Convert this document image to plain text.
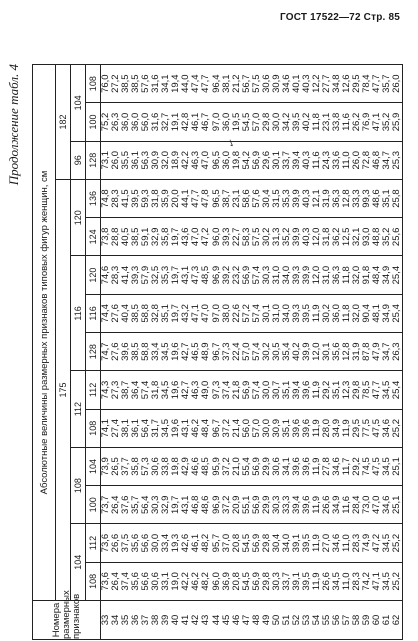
ГОСТ 17522—72 Стр. 85
✓
Продолжение табл. 4
Номера размерных признаков	Абсолютные величины размерных признаков типовых фигур женщин, см													
	175											182		
	104		108		112		116			120		96	104	
	108	112	100	104	108	112	128	116	120	124	136	128	100	108
33	73,6	73,6	73,7	73,9	74,1	74,3	74,7	74,4	74,6	73,8	74,8	73,1	75,2	76,0
34	26,4	26,6	26,4	26,5	27,4	27,3	27,6	27,6	28,3	28,8	28,3	26,0	26,3	27,2
35	37,4	37,5	37,6	37,7	38,1	38,7	39,6	40,4	41,4	40,5	41,5	35,5	36,0	38,5
36	35,6	35,6	35,7	35,8	36,1	36,4	38,5	38,5	39,3	38,5	39,5	36,1	36,0	38,5
37	56,6	56,6	56,4	57,3	56,4	57,4	58,8	58,8	57,9	59,1	59,3	56,3	56,0	57,6
38	30,6	30,0	30,3	30,6	31,7	31,8	33,4	32,8	32,5	32,9	31,8	30,9	31,6	31,6
39	33,1	33,4	32,9	33,8	34,5	34,5	34,5	35,1	35,3	35,8	35,9	32,0	32,7	34,1
40	19,0	19,3	19,7	19,8	19,6	19,6	19,6	19,7	19,7	19,7	20,0	18,9	19,1	19,4
41	42,2	42,6	43,1	42,9	43,1	42,7	42,7	43,2	43,1	43,6	44,1	42,2	42,8	44,0
42	46,2	46,1	46,8	46,6	46,2	46,3	46,5	47,1	47,3	47,0	47,7	46,3	46,1	47,4
43	48,2	48,2	48,6	48,5	48,4	49,0	48,9	47,0	48,5	47,2	47,8	47,0	46,7	47,7
44	96,0	95,7	96,9	95,9	96,7	97,3	96,7	97,0	96,9	96,0	96,5	96,5	97,0	96,4
45	36,9	37,0	37,2	37,2	37,2	37,4	37,3	38,0	39,2	39,3	38,7	36,0	36,0	38,1
46	20,8	20,8	20,9	21,0	21,4	21,8	22,4	22,6	23,2	22,7	23,1	19,8	19,5	21,2
47	54,5	54,5	55,1	55,4	56,0	56,9	57,0	57,2	56,9	58,3	58,6	54,2	54,5	56,7
48	56,9	56,9	56,9	56,9	57,0	57,4	57,4	57,4	57,4	57,5	57,6	56,9	57,0	57,5
49	29,8	29,8	29,9	29,9	30,0	30,0	30,2	30,1	30,3	30,2	30,4	29,6	29,8	30,6
50	30,3	30,4	30,3	30,6	30,9	30,7	30,5	31,0	31,0	31,3	31,5	30,1	30,0	30,9
51	33,7	34,0	33,3	34,1	35,1	35,1	35,4	34,0	34,0	35,2	35,3	33,7	34,2	34,6
52	39,1	39,1	39,4	39,6	39,6	39,4	40,2	39,3	39,3	39,9	39,9	39,4	39,5	40,1
53	39,5	39,5	39,6	39,6	39,6	39,6	39,9	39,5	39,9	40,3	40,3	40,3	40,2	40,3
54	11,9	11,9	11,9	11,9	11,9	11,9	12,0	11,9	12,0	12,0	12,1	11,6	11,8	12,2
55	26,6	27,0	26,6	27,8	28,0	29,2	30,1	30,2	31,0	31,8	31,9	24,3	23,1	27,7
56	34,5	34,6	34,9	34,6	34,9	35,1	35,6	36,0	36,3	36,2	36,3	33,6	33,8	34,8
57	11,0	11,0	11,6	11,7	11,9	12,3	12,8	11,8	11,8	12,5	12,8	11,0	11,6	12,6
58	28,3	28,3	28,4	29,2	29,5	29,8	31,9	32,0	32,0	32,1	33,3	26,0	26,2	29,5
59	74,2	74,9	73,0	74,5	77,5	78,5	87,8	90,4	91,8	93,0	99,3	72,8	76,9	78,4
60	47,1	47,2	47,0	47,5	47,5	47,7	47,9	48,1	48,4	48,8	48,6	46,8	47,1	47,7
61	34,5	34,5	34,6	34,5	34,6	34,5	34,7	34,9	34,9	35,2	35,1	34,7	35,2	35,7
62	25,2	25,2	25,1	25,1	25,2	25,4	26,3	25,4	25,4	25,6	25,8	25,3	25,9	26,0
